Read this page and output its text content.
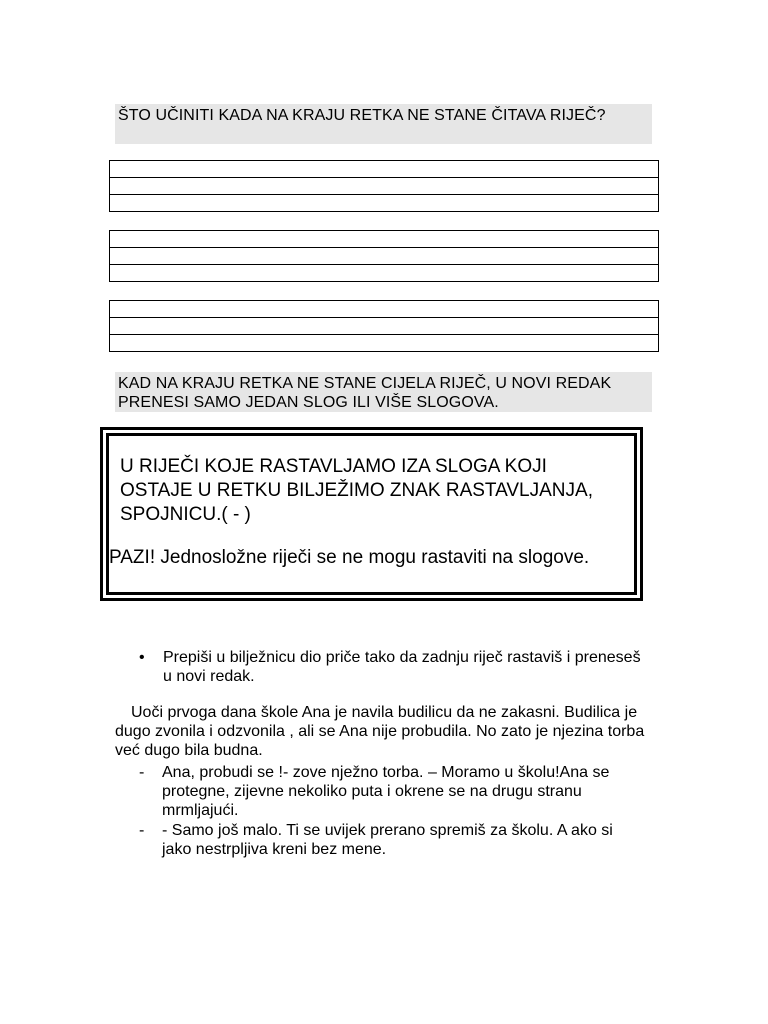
ŠTO UČINITI KADA NA KRAJU RETKA NE STANE ČITAVA RIJEČ?
KAD NA KRAJU RETKA NE STANE CIJELA RIJEČ, U NOVI REDAK PRENESI SAMO JEDAN SLOG ILI VIŠE SLOGOVA.
U RIJEČI KOJE RASTAVLJAMO IZA SLOGA KOJI OSTAJE U RETKU BILJEŽIMO ZNAK RASTAVLJANJA, SPOJNICU.( - )
PAZI! Jednosložne riječi se ne mogu rastaviti na slogove.
•	Prepiši u bilježnicu dio priče tako da zadnju riječ rastaviš i preneseš u novi redak.
Uoči prvoga dana škole Ana je navila budilicu da ne zakasni. Budilica je dugo zvonila i odzvonila , ali se Ana nije probudila. No zato je njezina torba već dugo bila budna.
- Ana, probudi se !- zove nježno torba. – Moramo u školu!Ana se protegne, zijevne nekoliko puta i okrene se na drugu stranu mrmljajući.
- - Samo još malo. Ti se uvijek prerano spremiš za školu. A ako si jako nestrpljiva kreni bez mene.
